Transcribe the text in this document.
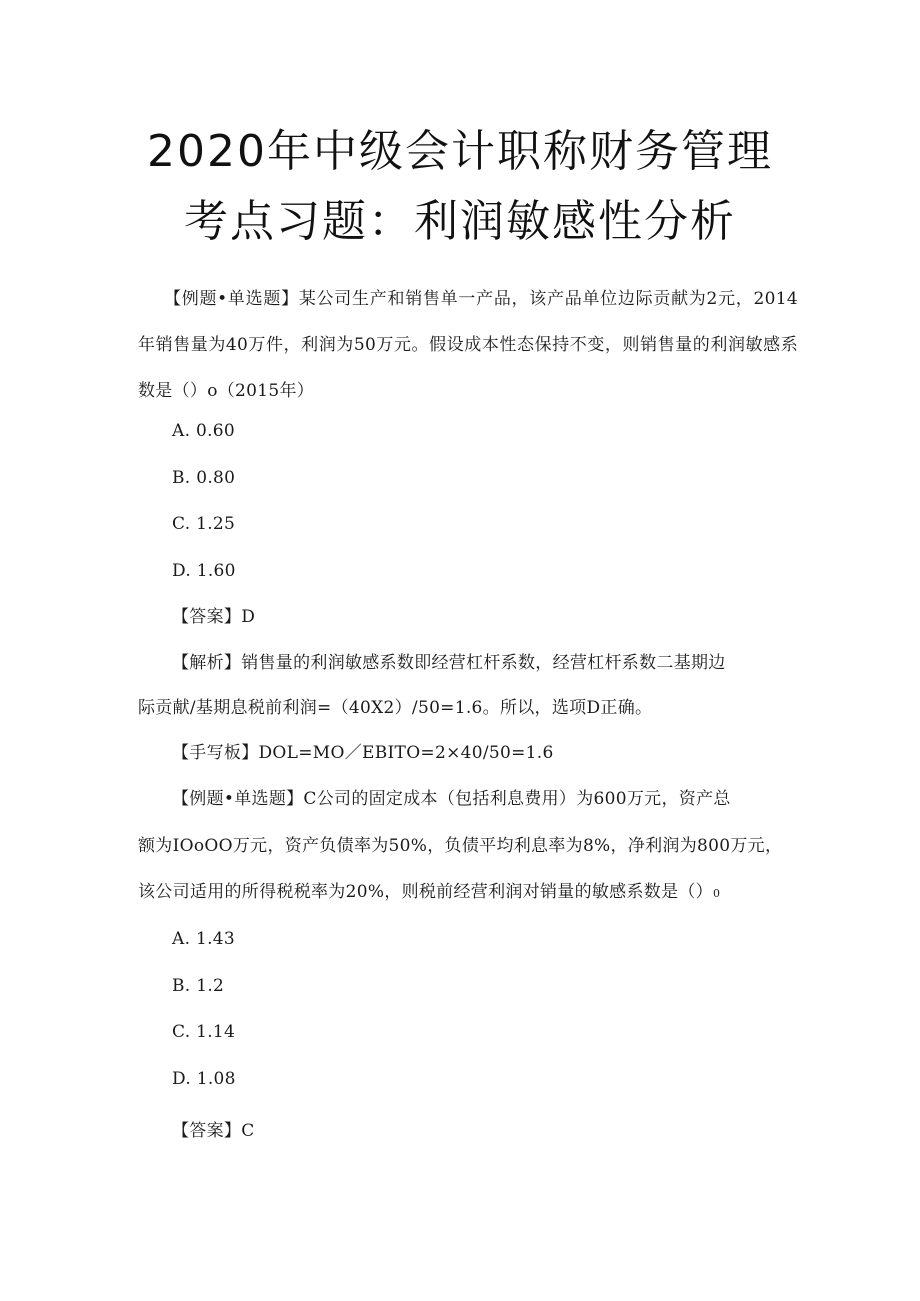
2020年中级会计职称财务管理
考点习题：利润敏感性分析
【例题•单选题】某公司生产和销售单一产品，该产品单位边际贡献为2元，2014年销售量为40万件，利润为50万元。假设成本性态保持不变，则销售量的利润敏感系数是（）o（2015年）
A. 0.60
B. 0.80
C. 1.25
D. 1.60
【答案】D
【解析】销售量的利润敏感系数即经营杠杆系数，经营杠杆系数二基期边
际贡献/基期息税前利润=（40X2）/50=1.6。所以，选项D正确。
【手写板】DOL=MO／EBITO=2×40/50=1.6
【例题•单选题】C公司的固定成本（包括利息费用）为600万元，资产总
额为IOoOO万元，资产负债率为50%，负债平均利息率为8%，净利润为800万元，
该公司适用的所得税税率为20%，则税前经营利润对销量的敏感系数是（）0
A. 1.43
B. 1.2
C. 1.14
D. 1.08
【答案】C
